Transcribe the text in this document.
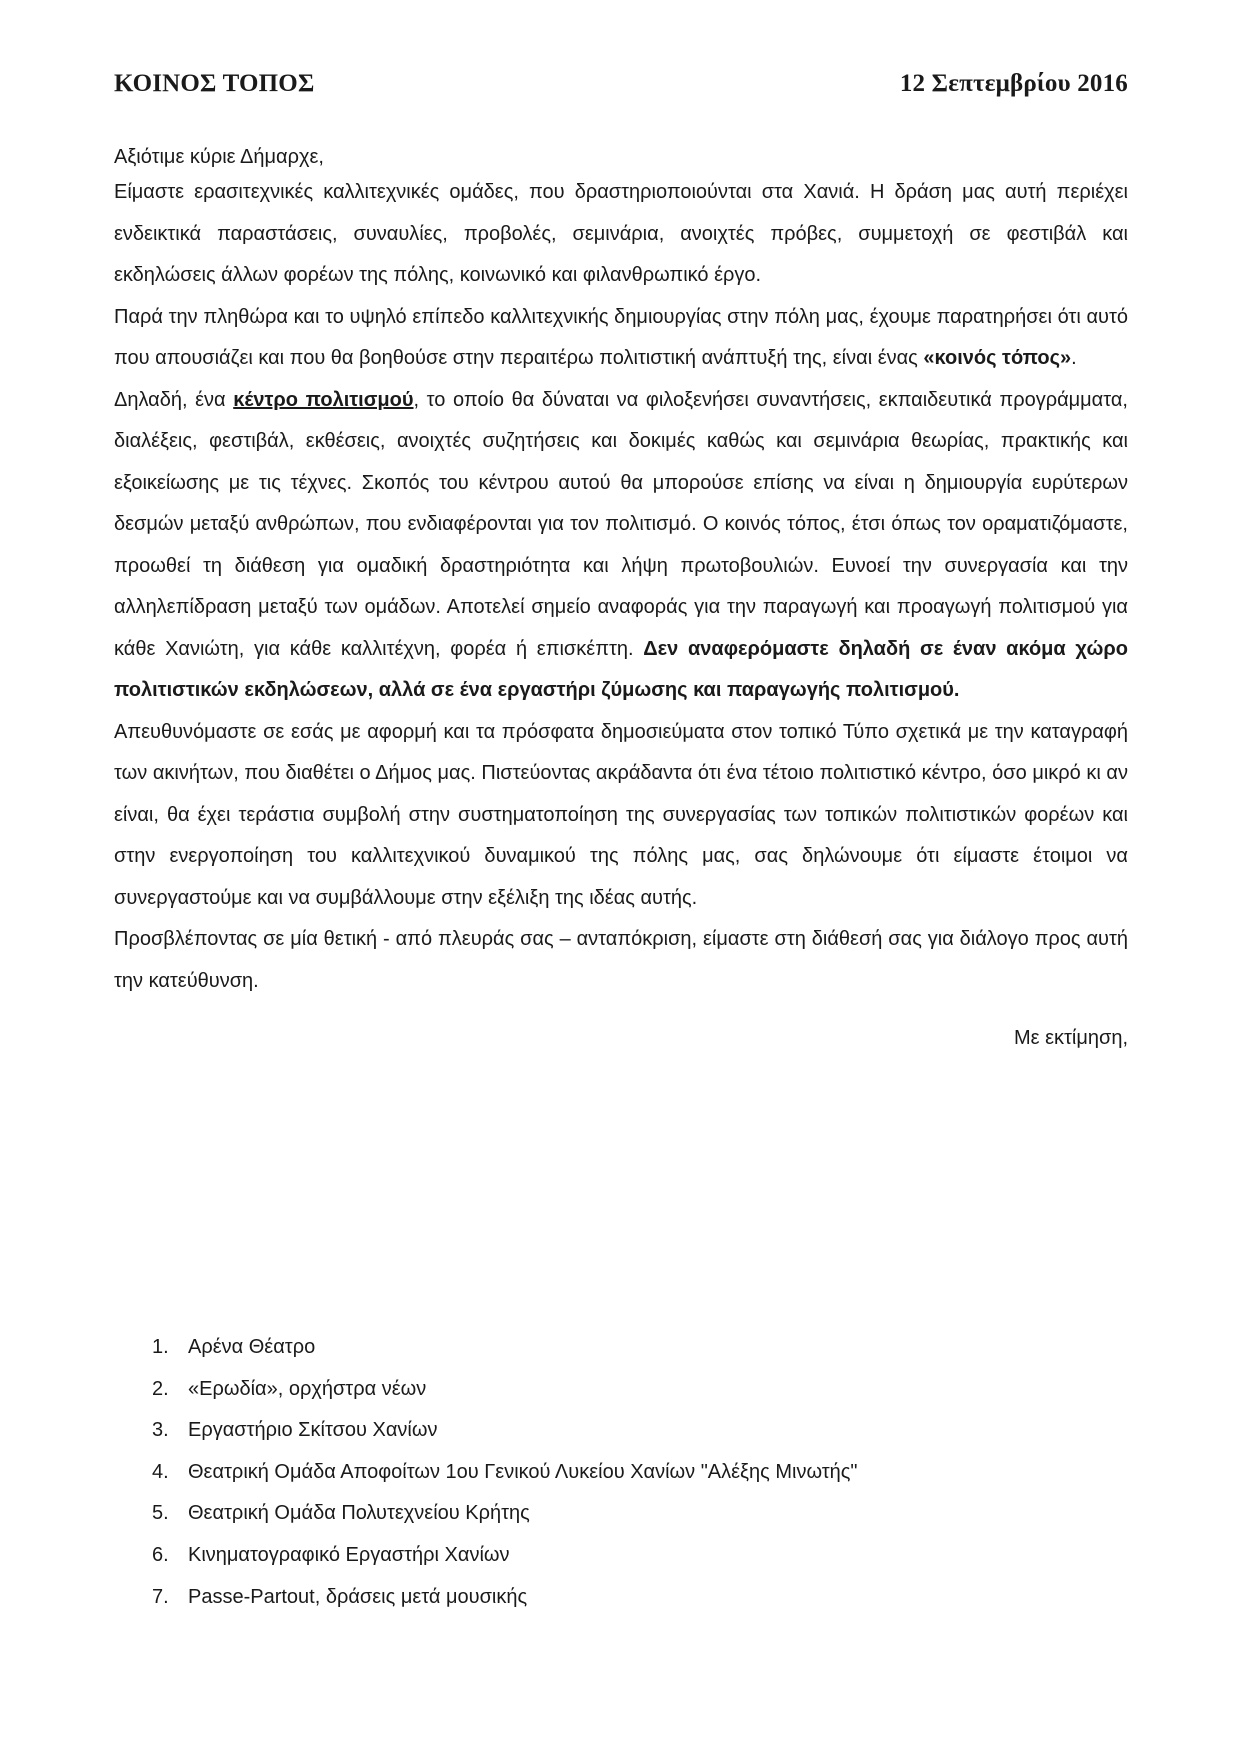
ΚΟΙΝΟΣ ΤΟΠΟΣ	12 Σεπτεμβρίου 2016
Αξιότιμε κύριε Δήμαρχε,

Είμαστε ερασιτεχνικές καλλιτεχνικές ομάδες, που δραστηριοποιούνται στα Χανιά. Η δράση μας αυτή περιέχει ενδεικτικά παραστάσεις, συναυλίες, προβολές, σεμινάρια, ανοιχτές πρόβες, συμμετοχή σε φεστιβάλ και εκδηλώσεις άλλων φορέων της πόλης, κοινωνικό και φιλανθρωπικό έργο.

Παρά την πληθώρα και το υψηλό επίπεδο καλλιτεχνικής δημιουργίας στην πόλη μας, έχουμε παρατηρήσει ότι αυτό που απουσιάζει και που θα βοηθούσε στην περαιτέρω πολιτιστική ανάπτυξή της, είναι ένας «κοινός τόπος».

Δηλαδή, ένα κέντρο πολιτισμού, το οποίο θα δύναται να φιλοξενήσει συναντήσεις, εκπαιδευτικά προγράμματα, διαλέξεις, φεστιβάλ, εκθέσεις, ανοιχτές συζητήσεις και δοκιμές καθώς και σεμινάρια θεωρίας, πρακτικής και εξοικείωσης με τις τέχνες. Σκοπός του κέντρου αυτού θα μπορούσε επίσης να είναι η δημιουργία ευρύτερων δεσμών μεταξύ ανθρώπων, που ενδιαφέρονται για τον πολιτισμό. Ο κοινός τόπος, έτσι όπως τον οραματιζόμαστε, προωθεί τη διάθεση για ομαδική δραστηριότητα και λήψη πρωτοβουλιών. Ευνοεί την συνεργασία και την αλληλεπίδραση μεταξύ των ομάδων. Αποτελεί σημείο αναφοράς για την παραγωγή και προαγωγή πολιτισμού για κάθε Χανιώτη, για κάθε καλλιτέχνη, φορέα ή επισκέπτη. Δεν αναφερόμαστε δηλαδή σε έναν ακόμα χώρο πολιτιστικών εκδηλώσεων, αλλά σε ένα εργαστήρι ζύμωσης και παραγωγής πολιτισμού.

Απευθυνόμαστε σε εσάς με αφορμή και τα πρόσφατα δημοσιεύματα στον τοπικό Τύπο σχετικά με την καταγραφή των ακινήτων, που διαθέτει ο Δήμος μας. Πιστεύοντας ακράδαντα ότι ένα τέτοιο πολιτιστικό κέντρο, όσο μικρό κι αν είναι, θα έχει τεράστια συμβολή στην συστηματοποίηση της συνεργασίας των τοπικών πολιτιστικών φορέων και στην ενεργοποίηση του καλλιτεχνικού δυναμικού της πόλης μας, σας δηλώνουμε ότι είμαστε έτοιμοι να συνεργαστούμε και να συμβάλλουμε στην εξέλιξη της ιδέας αυτής.

Προσβλέποντας σε μία θετική - από πλευράς σας – ανταπόκριση, είμαστε στη διάθεσή σας για διάλογο προς αυτή την κατεύθυνση.

Με εκτίμηση,
1. Αρένα Θέατρο
2. «Ερωδία», ορχήστρα νέων
3. Εργαστήριο Σκίτσου Χανίων
4. Θεατρική Ομάδα Αποφοίτων 1ου Γενικού Λυκείου Χανίων "Αλέξης Μινωτής"
5. Θεατρική Ομάδα Πολυτεχνείου Κρήτης
6. Κινηματογραφικό Εργαστήρι Χανίων
7. Passe-Partout, δράσεις μετά μουσικής
